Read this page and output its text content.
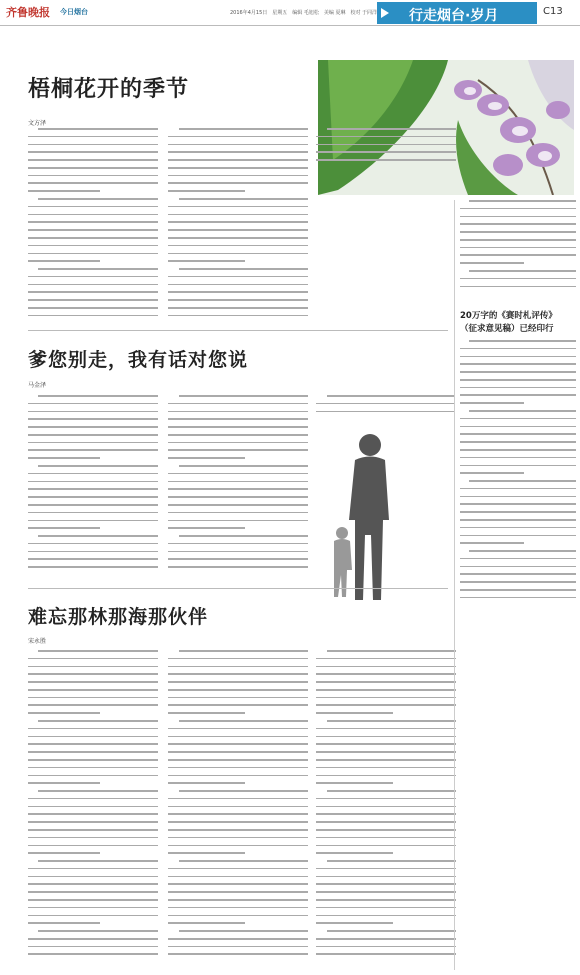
齐鲁晚报 今日烟台	2016年4月15日　星期五　编辑 毛旭松　美编 夏琳　校对 于同洋 行走烟台·岁月	C13
梧桐花开的季节
文方泽
爹您别走，我有话对您说
马金泽
难忘那林那海那伙伴
宋永胜
20万字的《赛时札评传》
（征求意见稿）已经印行
